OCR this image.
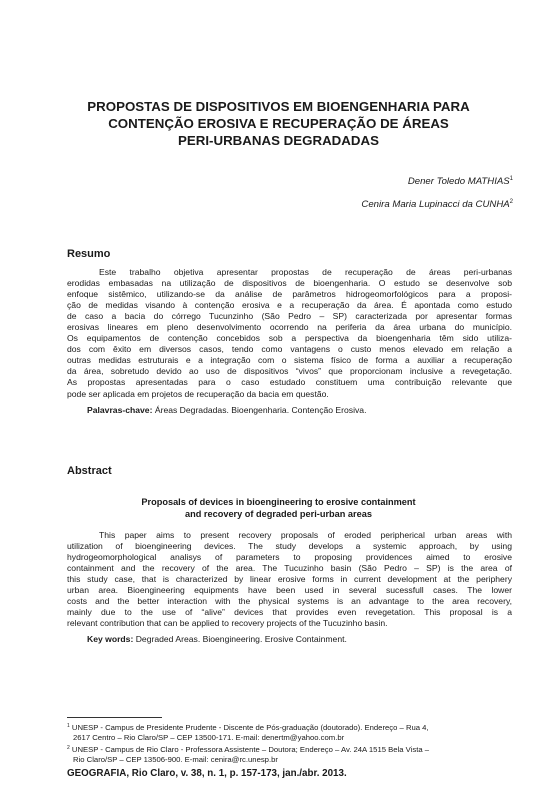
PROPOSTAS DE DISPOSITIVOS EM BIOENGENHARIA PARA
CONTENÇÃO EROSIVA E RECUPERAÇÃO DE ÁREAS
PERI-URBANAS DEGRADADAS
Dener Toledo MATHIAS$^1$
Cenira Maria Lupinacci da CUNHA$^2$
Resumo
Este trabalho objetiva apresentar propostas de recuperação de áreas peri-urbanas
erodidas embasadas na utilização de dispositivos de bioengenharia. O estudo se desenvolve sob
enfoque sistêmico, utilizando-se da análise de parâmetros hidrogeomorfológicos para a proposi-
ção de medidas visando à contenção erosiva e a recuperação da área. É apontada como estudo
de caso a bacia do córrego Tucunzinho (São Pedro – SP) caracterizada por apresentar formas
erosivas lineares em pleno desenvolvimento ocorrendo na periferia da área urbana do município.
Os equipamentos de contenção concebidos sob a perspectiva da bioengenharia têm sido utiliza-
dos com êxito em diversos casos, tendo como vantagens o custo menos elevado em relação a
outras medidas estruturais e a integração com o sistema físico de forma a auxiliar a recuperação
da área, sobretudo devido ao uso de dispositivos “vivos” que proporcionam inclusive a revegetação.
As propostas apresentadas para o caso estudado constituem uma contribuição relevante que
pode ser aplicada em projetos de recuperação da bacia em questão.
Palavras-chave: Áreas Degradadas. Bioengenharia. Contenção Erosiva.
Abstract
Proposals of devices in bioengineering to erosive containment
and recovery of degraded peri-urban areas
This paper aims to present recovery proposals of eroded peripherical urban areas with
utilization of bioengineering devices. The study develops a systemic approach, by using
hydrogeomorphological analisys of parameters to proposing providences aimed to erosive
containment and the recovery of the area. The Tucuzinho basin (São Pedro – SP) is the area of
this study case, that is characterized by linear erosive forms in current development at the periphery
urban area. Bioengineering equipments have been used in several sucessfull cases. The lower
costs and the better interaction with the physical systems is an advantage to the area recovery,
mainly due to the use of “alive” devices that provides even revegetation. This proposal is a
relevant contribution that can be applied to recovery projects of the Tucuzinho basin.
Key words: Degraded Areas. Bioengineering. Erosive Containment.
$^1$ UNESP - Campus de Presidente Prudente - Discente de Pós-graduação (doutorado). Endereço – Rua 4,
2617 Centro – Rio Claro/SP – CEP 13500-171. E-mail: denertm@yahoo.com.br
$^2$ UNESP - Campus de Rio Claro - Professora Assistente – Doutora; Endereço – Av. 24A 1515 Bela Vista –
Rio Claro/SP – CEP 13506-900. E-mail: cenira@rc.unesp.br
GEOGRAFIA, Rio Claro, v. 38, n. 1, p. 157-173, jan./abr. 2013.
